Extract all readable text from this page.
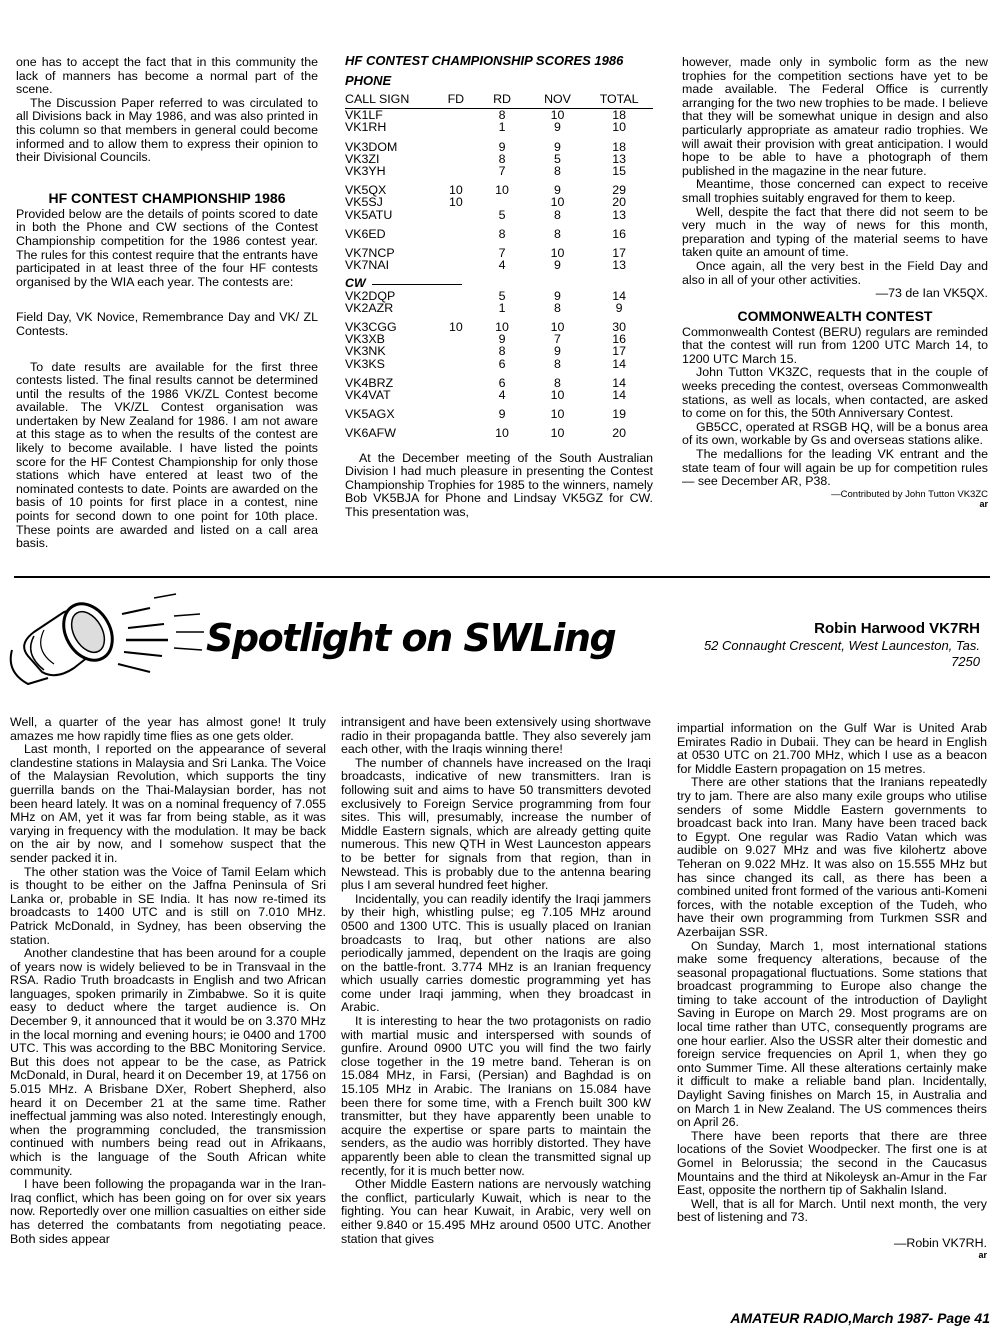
one has to accept the fact that in this community the lack of manners has become a normal part of the scene.

The Discussion Paper referred to was circulated to all Divisions back in May 1986, and was also printed in this column so that members in general could become informed and to allow them to express their opinion to their Divisional Councils.

HF CONTEST CHAMPIONSHIP 1986

Provided below are the details of points scored to date in both the Phone and CW sections of the Contest Championship competition for the 1986 contest year. The rules for this contest require that the entrants have participated in at least three of the four HF contests organised by the WIA each year. The contests are:

Field Day, VK Novice, Remembrance Day and VK/ ZL Contests.

To date results are available for the first three contests listed. The final results cannot be determined until the results of the 1986 VK/ZL Contest become available. The VK/ZL Contest organisation was undertaken by New Zealand for 1986. I am not aware at this stage as to when the results of the contest are likely to become available. I have listed the points score for the HF Contest Championship for only those stations which have entered at least two of the nominated contests to date. Points are awarded on the basis of 10 points for first place in a contest, nine points for second down to one point for 10th place. These points are awarded and listed on a call area basis.

HF CONTEST CHAMPIONSHIP SCORES 1986
PHONE
CALL SIGN	FD	RD	NOV	TOTAL
VK1LF		8	10	18
VK1RH		1	9	10
VK3DOM		9	9	18
VK3ZI		8	5	13
VK3YH		7	8	15
VK5QX	10	10	9	29
VK5SJ	10		10	20
VK5ATU		5	8	13
VK6ED		8	8	16
VK7NCP		7	10	17
VK7NAI		4	9	13
CW				
VK2DQP		5	9	14
VK2AZR		1	8	9
VK3CGG	10	10	10	30
VK3XB		9	7	16
VK3NK		8	9	17
VK3KS		6	8	14
VK4BRZ		6	8	14
VK4VAT		4	10	14
VK5AGX		9	10	19
VK6AFW		10	10	20

At the December meeting of the South Australian Division I had much pleasure in presenting the Contest Championship Trophies for 1985 to the winners, namely Bob VK5BJA for Phone and Lindsay VK5GZ for CW. This presentation was,

however, made only in symbolic form as the new trophies for the competition sections have yet to be made available. The Federal Office is currently arranging for the two new trophies to be made. I believe that they will be somewhat unique in design and also particularly appropriate as amateur radio trophies. We will await their provision with great anticipation. I would hope to be able to have a photograph of them published in the magazine in the near future.

Meantime, those concerned can expect to receive small trophies suitably engraved for them to keep.

Well, despite the fact that there did not seem to be very much in the way of news for this month, preparation and typing of the material seems to have taken quite an amount of time.

Once again, all the very best in the Field Day and also in all of your other activities.

—73 de Ian VK5QX.

COMMONWEALTH CONTEST

Commonwealth Contest (BERU) regulars are reminded that the contest will run from 1200 UTC March 14, to 1200 UTC March 15.

John Tutton VK3ZC, requests that in the couple of weeks preceding the contest, overseas Commonwealth stations, as well as locals, when contacted, are asked to come on for this, the 50th Anniversary Contest.

GB5CC, operated at RSGB HQ, will be a bonus area of its own, workable by Gs and overseas stations alike.

The medallions for the leading VK entrant and the state team of four will again be up for competition rules — see December AR, P38.

—Contributed by John Tutton VK3ZC
ar
Spotlight on SWLing	Robin Harwood VK7RH
52 Connaught Crescent, West Launceston, Tas.
7250

Well, a quarter of the year has almost gone! It truly amazes me how rapidly time flies as one gets older.

Last month, I reported on the appearance of several clandestine stations in Malaysia and Sri Lanka. The Voice of the Malaysian Revolution, which supports the tiny guerrilla bands on the Thai-Malaysian border, has not been heard lately. It was on a nominal frequency of 7.055 MHz on AM, yet it was far from being stable, as it was varying in frequency with the modulation. It may be back on the air by now, and I somehow suspect that the sender packed it in.

The other station was the Voice of Tamil Eelam which is thought to be either on the Jaffna Peninsula of Sri Lanka or, probable in SE India. It has now re-timed its broadcasts to 1400 UTC and is still on 7.010 MHz. Patrick McDonald, in Sydney, has been observing the station.

Another clandestine that has been around for a couple of years now is widely believed to be in Transvaal in the RSA. Radio Truth broadcasts in English and two African languages, spoken primarily in Zimbabwe. So it is quite easy to deduct where the target audience is. On December 9, it announced that it would be on 3.370 MHz in the local morning and evening hours; ie 0400 and 1700 UTC. This was according to the BBC Monitoring Service. But this does not appear to be the case, as Patrick McDonald, in Dural, heard it on December 19, at 1756 on 5.015 MHz. A Brisbane DXer, Robert Shepherd, also heard it on December 21 at the same time. Rather ineffectual jamming was also noted. Interestingly enough, when the programming concluded, the transmission continued with numbers being read out in Afrikaans, which is the language of the South African white community.

I have been following the propaganda war in the Iran-Iraq conflict, which has been going on for over six years now. Reportedly over one million casualties on either side has deterred the combatants from negotiating peace. Both sides appear

intransigent and have been extensively using shortwave radio in their propaganda battle. They also severely jam each other, with the Iraqis winning there!

The number of channels have increased on the Iraqi broadcasts, indicative of new transmitters. Iran is following suit and aims to have 50 transmitters devoted exclusively to Foreign Service programming from four sites. This will, presumably, increase the number of Middle Eastern signals, which are already getting quite numerous. This new QTH in West Launceston appears to be better for signals from that region, than in Newstead. This is probably due to the antenna bearing plus I am several hundred feet higher.

Incidentally, you can readily identify the Iraqi jammers by their high, whistling pulse; eg 7.105 MHz around 0500 and 1300 UTC. This is usually placed on Iranian broadcasts to Iraq, but other nations are also periodically jammed, dependent on the Iraqis are going on the battle-front. 3.774 MHz is an Iranian frequency which usually carries domestic programming yet has come under Iraqi jamming, when they broadcast in Arabic.

It is interesting to hear the two protagonists on radio with martial music and interspersed with sounds of gunfire. Around 0900 UTC you will find the two fairly close together in the 19 metre band. Teheran is on 15.084 MHz, in Farsi, (Persian) and Baghdad is on 15.105 MHz in Arabic. The Iranians on 15.084 have been there for some time, with a French built 300 kW transmitter, but they have apparently been unable to acquire the expertise or spare parts to maintain the senders, as the audio was horribly distorted. They have apparently been able to clean the transmitted signal up recently, for it is much better now.

Other Middle Eastern nations are nervously watching the conflict, particularly Kuwait, which is near to the fighting. You can hear Kuwait, in Arabic, very well on either 9.840 or 15.495 MHz around 0500 UTC. Another station that gives

impartial information on the Gulf War is United Arab Emirates Radio in Dubaii. They can be heard in English at 0530 UTC on 21.700 MHz, which I use as a beacon for Middle Eastern propagation on 15 metres.

There are other stations that the Iranians repeatedly try to jam. There are also many exile groups who utilise senders of some Middle Eastern governments to broadcast back into Iran. Many have been traced back to Egypt. One regular was Radio Vatan which was audible on 9.027 MHz and was five kilohertz above Teheran on 9.022 MHz. It was also on 15.555 MHz but has since changed its call, as there has been a combined united front formed of the various anti-Komeni forces, with the notable exception of the Tudeh, who have their own programming from Turkmen SSR and Azerbaijan SSR.

On Sunday, March 1, most international stations make some frequency alterations, because of the seasonal propagational fluctuations. Some stations that broadcast programming to Europe also change the timing to take account of the introduction of Daylight Saving in Europe on March 29. Most programs are on local time rather than UTC, consequently programs are one hour earlier. Also the USSR alter their domestic and foreign service frequencies on April 1, when they go onto Summer Time. All these alterations certainly make it difficult to make a reliable band plan. Incidentally, Daylight Saving finishes on March 15, in Australia and on March 1 in New Zealand. The US commences theirs on April 26.

There have been reports that there are three locations of the Soviet Woodpecker. The first one is at Gomel in Belorussia; the second in the Caucasus Mountains and the third at Nikoleysk an-Amur in the Far East, opposite the northern tip of Sakhalin Island.

Well, that is all for March. Until next month, the very best of listening and 73.

—Robin VK7RH.

ar
AMATEUR RADIO,March 1987- Page 41
